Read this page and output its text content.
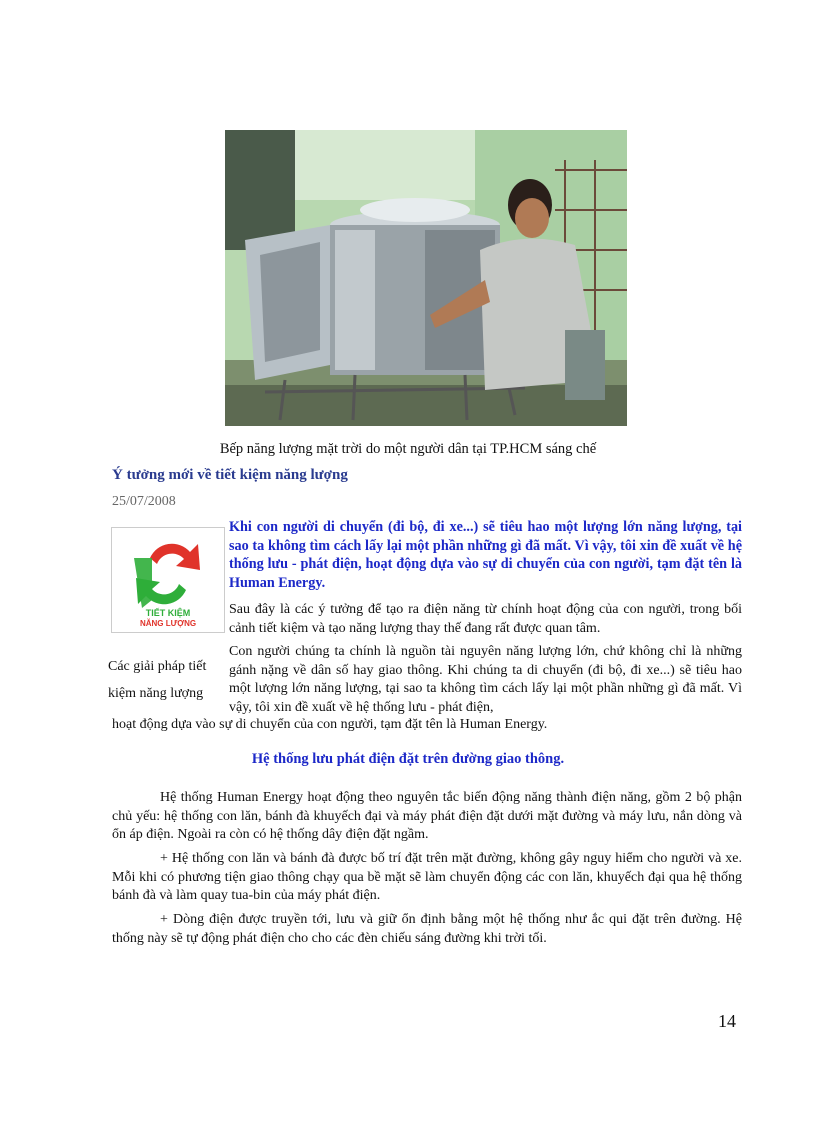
Bếp năng lượng mặt trời do một người dân tại TP.HCM sáng chế
Ý tưởng mới về tiết kiệm năng lượng
25/07/2008
TIẾT KIỆM
NĂNG LƯỢNG
Các giải pháp tiết
kiệm năng lượng
Khi con người di chuyển (đi bộ, đi xe...) sẽ tiêu hao một lượng lớn năng lượng, tại sao ta không tìm cách lấy lại một phần những gì đã mất. Vì vậy, tôi xin đề xuất về hệ thống lưu - phát điện, hoạt động dựa vào sự di chuyển của con người, tạm đặt tên là Human Energy.
Sau đây là các ý tưởng để tạo ra điện năng từ chính hoạt động của con người, trong bối cảnh tiết kiệm và tạo năng lượng thay thế đang rất được quan tâm.
Con người chúng ta chính là nguồn tài nguyên năng lượng lớn, chứ không chỉ là những gánh nặng về dân số hay giao thông. Khi chúng ta di chuyển (đi bộ, đi xe...) sẽ tiêu hao một lượng lớn năng lượng, tại sao ta không tìm cách lấy lại một phần những gì đã mất. Vì vậy, tôi xin đề xuất về hệ thống lưu - phát điện,
hoạt động dựa vào sự di chuyển của con người, tạm đặt tên là Human Energy.
Hệ thống lưu phát điện đặt trên đường giao thông.
Hệ thống Human Energy hoạt động theo nguyên tắc biến động năng thành điện năng, gồm 2 bộ phận chủ yếu: hệ thống con lăn, bánh đà khuyếch đại và máy phát điện đặt dưới mặt đường và máy lưu, nắn dòng và ổn áp điện. Ngoài ra còn có hệ thống dây điện đặt ngầm.
+ Hệ thống con lăn và bánh đà được bố trí đặt trên mặt đường, không gây nguy hiểm cho người và xe. Mỗi khi có phương tiện giao thông chạy qua bề mặt sẽ làm chuyển động các con lăn, khuyếch đại qua hệ thống bánh đà và làm quay tua-bin của máy phát điện.
+ Dòng điện được truyền tới, lưu và giữ ổn định bằng một hệ thống như ắc qui đặt trên đường. Hệ thống này sẽ tự động phát điện cho cho các đèn chiếu sáng đường khi trời tối.
14
